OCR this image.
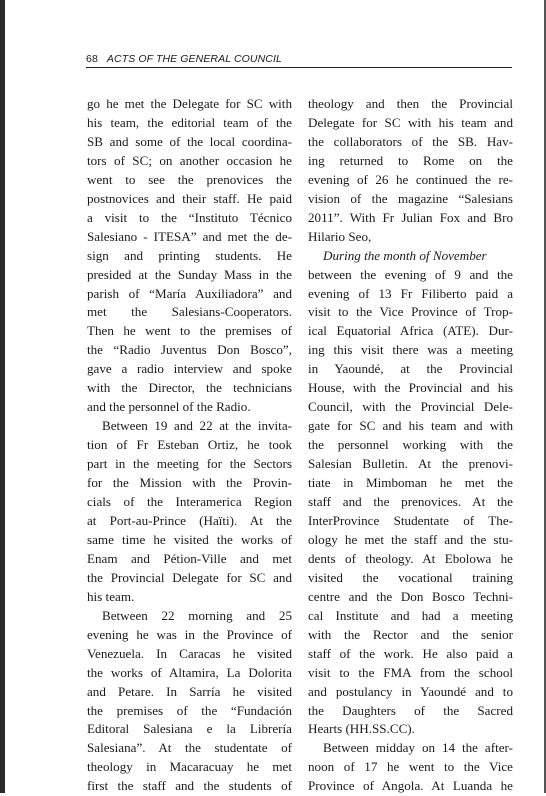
68 ACTS OF THE GENERAL COUNCIL

go he met the Delegate for SC with
his team, the editorial team of the
SB and some of the local coordina-
tors of SC; on another occasion he
went to see the prenovices the
postnovices and their staff. He paid
a visit to the “Instituto Técnico
Salesiano - ITESA” and met the de-
sign and printing students. He
presided at the Sunday Mass in the
parish of “María Auxiliadora” and
met the Salesians-Cooperators.
Then he went to the premises of
the “Radio Juventus Don Bosco”,
gave a radio interview and spoke
with the Director, the technicians
and the personnel of the Radio.

Between 19 and 22 at the invita-
tion of Fr Esteban Ortiz, he took
part in the meeting for the Sectors
for the Mission with the Provin-
cials of the Interamerica Region
at Port-au-Prince (Haïti). At the
same time he visited the works of
Enam and Pétion-Ville and met
the Provincial Delegate for SC and
his team.

Between 22 morning and 25
evening he was in the Province of
Venezuela. In Caracas he visited
the works of Altamira, La Dolorita
and Petare. In Sarría he visited
the premises of the “Fundación
Editoral Salesiana e la Librería
Salesiana”. At the studentate of
theology in Macaracuay he met
first the staff and the students of

theology and then the Provincial
Delegate for SC with his team and
the collaborators of the SB. Hav-
ing returned to Rome on the
evening of 26 he continued the re-
vision of the magazine “Salesians
2011”. With Fr Julian Fox and Bro
Hilario Seo,

During the month of November
between the evening of 9 and the
evening of 13 Fr Filiberto paid a
visit to the Vice Province of Trop-
ical Equatorial Africa (ATE). Dur-
ing this visit there was a meeting
in Yaoundé, at the Provincial
House, with the Provincial and his
Council, with the Provincial Dele-
gate for SC and his team and with
the personnel working with the
Salesian Bulletin. At the prenovi-
tiate in Mimboman he met the
staff and the prenovices. At the
InterProvince Studentate of The-
ology he met the staff and the stu-
dents of theology. At Ebolowa he
visited the vocational training
centre and the Don Bosco Techni-
cal Institute and had a meeting
with the Rector and the senior
staff of the work. He also paid a
visit to the FMA from the school
and postulancy in Yaoundé and to
the Daughters of the Sacred
Hearts (HH.SS.CC).

Between midday on 14 the after-
noon of 17 he went to the Vice
Province of Angola. At Luanda he
